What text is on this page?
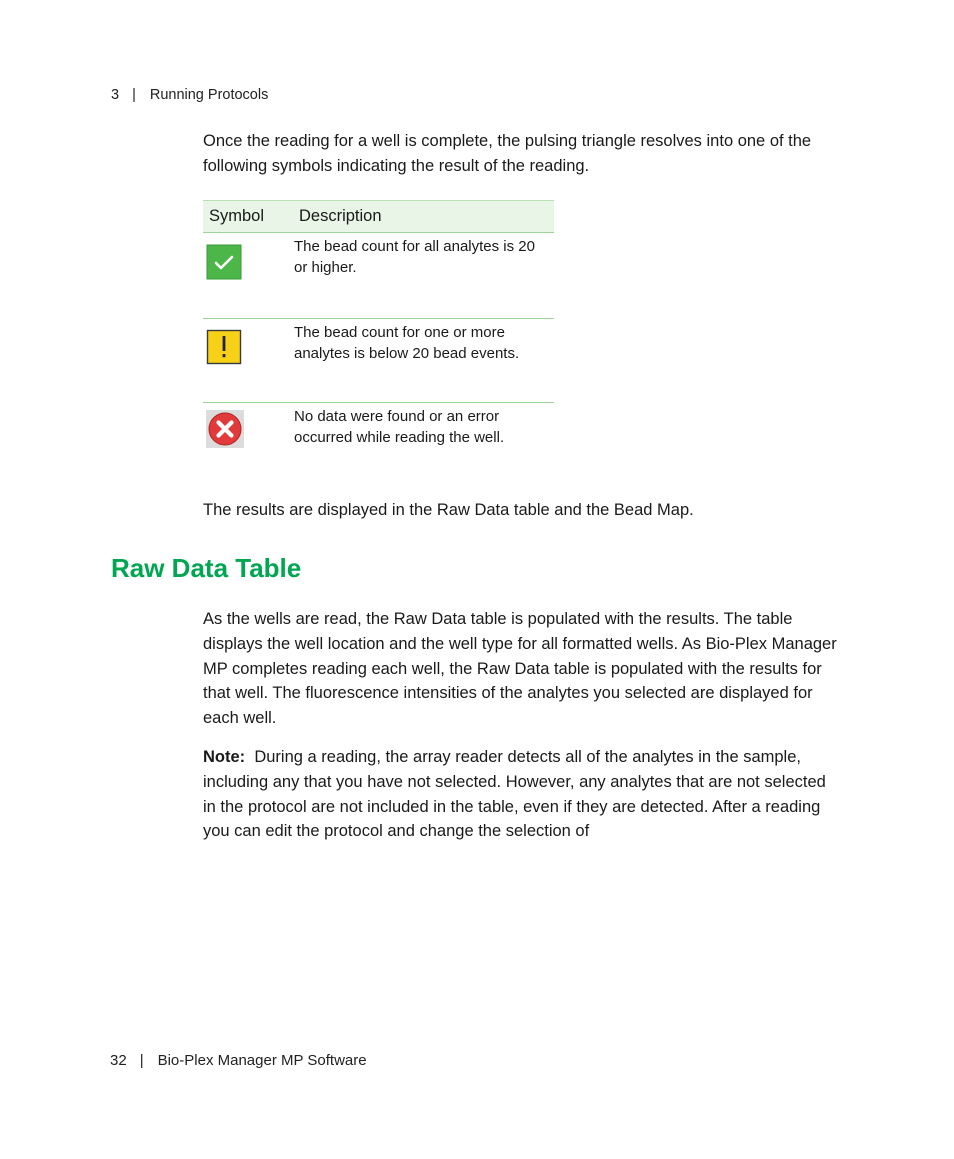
3 | Running Protocols

Once the reading for a well is complete, the pulsing triangle resolves into one of the following symbols indicating the result of the reading.

Symbol	Description

	The bead count for all analytes is 20 or higher.

	The bead count for one or more analytes is below 20 bead events.

	No data were found or an error occurred while reading the well.

The results are displayed in the Raw Data table and the Bead Map.

Raw Data Table

As the wells are read, the Raw Data table is populated with the results. The table displays the well location and the well type for all formatted wells. As Bio-Plex Manager MP completes reading each well, the Raw Data table is populated with the results for that well. The fluorescence intensities of the analytes you selected are displayed for each well.

Note: During a reading, the array reader detects all of the analytes in the sample, including any that you have not selected. However, any analytes that are not selected in the protocol are not included in the table, even if they are detected. After a reading you can edit the protocol and change the selection of

32 | Bio-Plex Manager MP Software
